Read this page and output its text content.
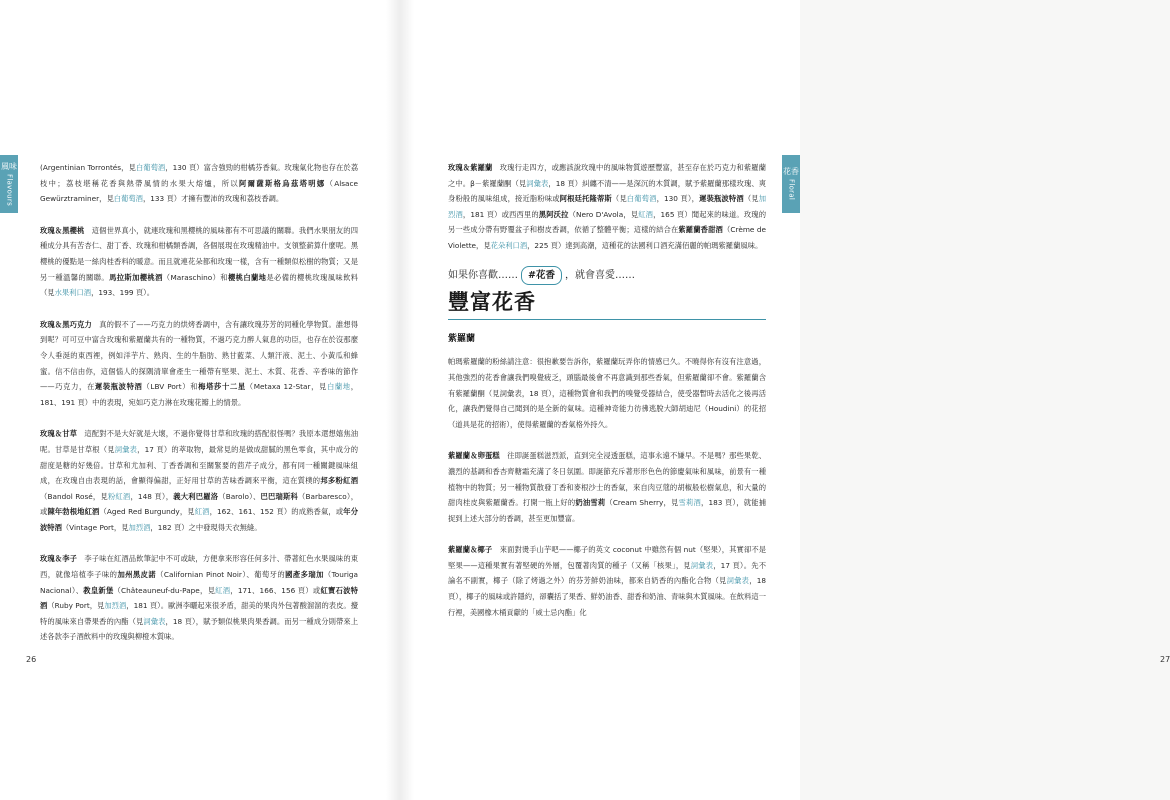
風味
Flavours

(Argentinian Torrontés，見白葡萄酒，130 頁）富含強勁的柑橘芬香氣。玫瑰氣化物也存在於荔枝中；荔枝堪稱花香與熱帶風情的水果大熔爐，所以阿爾薩斯格烏茲塔明娜（Alsace Gewürztraminer，見白葡萄酒，133 頁）才擁有豐沛的玫瑰和荔枝香調。

玫瑰＆黑櫻桃　這個世界真小，就連玫瑰和黑櫻桃的風味都有不可思議的關聯。我們水果朋友的四種成分具有苦杏仁、甜丁香、玫瑰和柑橘類香調，各個展現在玫瑰精油中。支領整薪算什麼呢。黑櫻桃的優點是一絲肉桂香料的暖意。而且就連花朵都和玫瑰一樣，含有一種類似松樹的物質；又是另一種溫馨的關聯。馬拉斯加櫻桃酒（Maraschino）和櫻桃白蘭地是必備的櫻桃玫瑰風味飲料（見水果利口酒，193、199 頁）。

玫瑰＆黑巧克力　真的假不了——巧克力的烘烤香調中，含有讓玫瑰芬芳的同種化學物質。誰想得到呢？可可豆中富含玫瑰和紫羅蘭共有的一種物質，不過巧克力醉人氣息的功臣，也存在於沒那麼令人垂涎的東西裡，例如洋芋片、熟肉、生的牛脂肪、熟甘藍菜、人類汗液、泥土、小黃瓜和蜂蜜。信不信由你，這個惱人的探隅清單會產生一種帶有堅果、泥土、木質、花香、辛香味的節作——巧克力，在遲裝瓶波特酒（LBV Port）和梅塔莎十二星（Metaxa 12-Star，見白蘭地，181、191 頁）中的表現，宛如巧克力淋在玫瑰花瓣上的情景。

玫瑰＆甘草　這配對不是大好就是大壞，不過你覺得甘草和玫瑰的搭配很怪嗎？我原本還想嬉焦油呢。甘草是甘草根（見詞彙表，17 頁）的萃取物，最常見的是做成甜膩的黑色零食，其中成分的甜度是糖的好幾倍。甘草和尤加利、丁香香調和至關緊要的茴芹子成分，都有同一種關鍵風味組成，在玫瑰自由表現的話，會顯得偏甜，正好用甘草的苦味香調來平衡，這在質樸的邦多粉紅酒（Bandol Rosé，見粉紅酒，148 頁），義大利巴羅洛（Barolo）、巴巴瑞斯科（Barbaresco），或陳年勃根地紅酒（Aged Red Burgundy，見紅酒，162、161、152 頁）的成熟香氣，或年分波特酒（Vintage Port，見加烈酒，182 頁）之中發現得天衣無縫。

玫瑰＆李子　李子味在紅酒品飲筆記中不可或缺，方便拿來形容任何多汁、帶著紅色水果風味的東西，就像培植李子味的加州黑皮諾（Californian Pinot Noir）、葡萄牙的國產多瑞加（Touriga Nacional）、教皇新堡（Châteauneuf-du-Pape，見紅酒，171、166、156 頁）或紅寶石波特酒（Ruby Port，見加烈酒，181 頁）。歐洲李曬起來很矛盾，甜美的果肉外包著酸溜溜的表皮。攪特的風味來自帶果香的內酯（見詞彙表，18 頁），賦予類似桃果肉果香調。而另一種成分則帶來上述各款李子酒飲料中的玫瑰與柳橙木質味。

26
花香
Floral

玫瑰＆紫羅蘭　玫瑰行走四方，或應該說玫瑰中的風味物質遊歷豐富，甚至存在於巧克力和紫羅蘭之中。β－紫羅蘭酮（見詞彙表，18 頁）糾纏不清——是深沉的木質調，賦予紫羅蘭那樣玫瑰、爽身粉般的風味組成，接近脂粉味或阿根廷托隆蒂斯（見白葡萄酒，130 頁），遲裝瓶波特酒（見加烈酒，181 頁）或西西里的黑阿沃拉（Nero D'Avola，見紅酒，165 頁）聞起來的味道。玫瑰的另一些成分帶有野覆盆子和樹皮香調，依循了整體平衡；這樣的結合在紫羅蘭香甜酒（Crème de Violette，見花朵利口酒，225 頁）達到高潮，這種花的法國利口酒充滿佰麗的帕瑪紫羅蘭風味。

如果你喜歡……	#花香	，就會喜愛……
豐富花香
紫羅蘭

帕瑪紫羅蘭的粉絲請注意：很抱歉要告訴你，紫羅蘭玩弄你的情感已久。不曉得你有沒有注意過，其他強烈的花香會讓我們嗅覺疲乏，頭腦最後會不再意識到那些香氣，但紫羅蘭卻不會。紫羅蘭含有紫羅蘭酮（見詞彙表，18 頁），這種物質會和我們的嗅覺受器結合，使受器暫時去活化之後再活化，讓我們覺得自己聞到的是全新的氣味。這種神奇能力彷彿逃脫大師胡迪尼（Houdini）的花招（道具是花的招術），使得紫羅蘭的香氣格外持久。

紫羅蘭＆卵蛋糕　往即誕蛋糕滋烈派，直到完全浸透蛋糕，這事永遠不嫌早。不是嗎？那些果乾、濃烈的基調和香杏齊糖霜充滿了冬日氛圍。即誕節充斥著形形色色的節慶氣味和風味，前景有一種植物中的物質；另一種物質散發丁香和麥根沙士的香氣，來自肉豆蔻的胡椒般松樹氣息，和大量的甜肉桂皮與紫羅蘭香。打開一瓶上好的奶油雪莉（Cream Sherry，見雪莉酒，183 頁），就能捕捉到上述大部分的香調，甚至更加豐富。

紫羅蘭＆椰子　來面對燙手山芋吧——椰子的英文 coconut 中雖然有個 nut（堅果），其實卻不是堅果——這種果實有著堅硬的外層，包覆著肉質的種子（又稱「核果」，見詞彙表，17 頁）。先不論名不副實，椰子（除了烤過之外）的芬芳鮮奶油味，都來自奶香的內酯化合物（見詞彙表，18 頁），椰子的風味或許隱約，卻囊括了果香、鮮奶油香、甜香和奶油、青味與木質風味。在飲料這一行裡，美國橡木桶貢獻的「威士忌內酯」化

27
